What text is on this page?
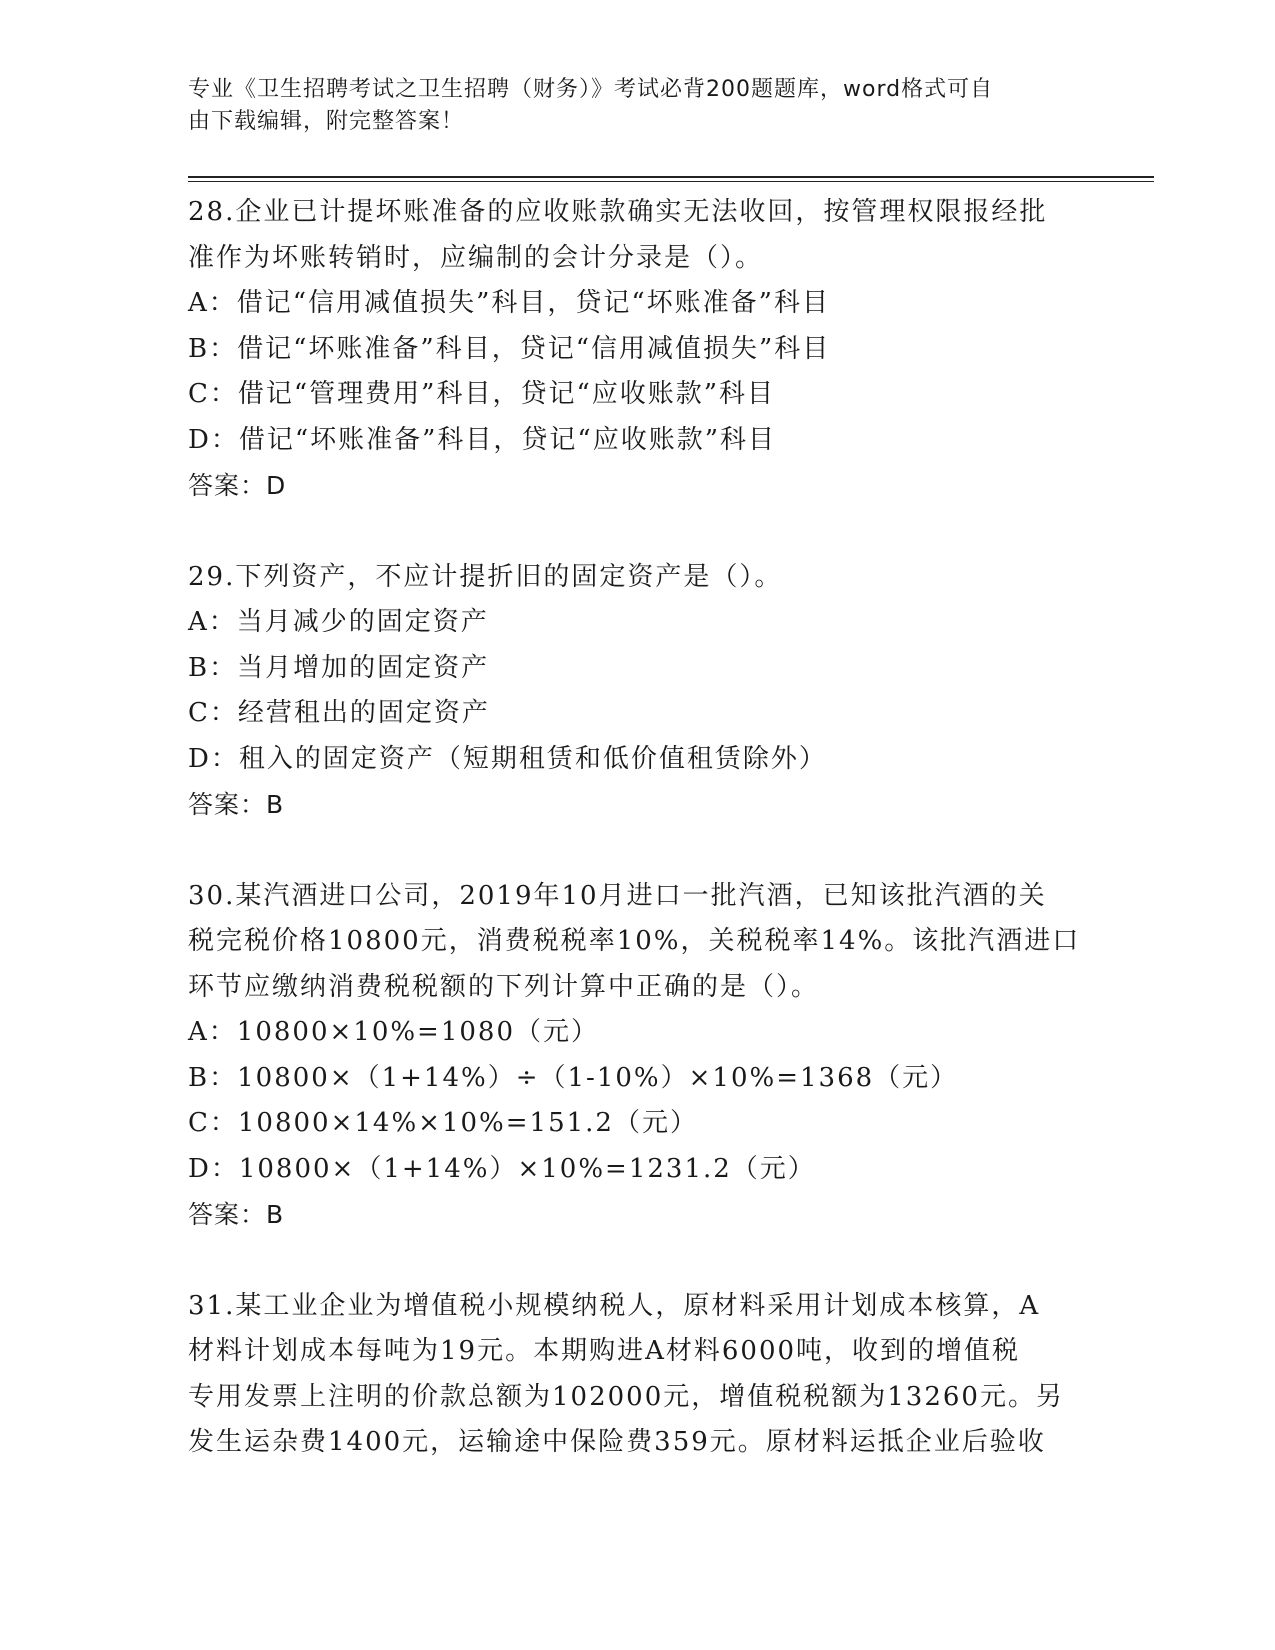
专业《卫生招聘考试之卫生招聘（财务）》考试必背200题题库，word格式可自
由下载编辑，附完整答案！

28.企业已计提坏账准备的应收账款确实无法收回，按管理权限报经批

准作为坏账转销时，应编制的会计分录是（）。

A：借记“信用减值损失”科目，贷记“坏账准备”科目

B：借记“坏账准备”科目，贷记“信用减值损失”科目

C：借记“管理费用”科目，贷记“应收账款”科目

D：借记“坏账准备”科目，贷记“应收账款”科目

答案：D

29.下列资产，不应计提折旧的固定资产是（）。

A：当月减少的固定资产

B：当月增加的固定资产

C：经营租出的固定资产

D：租入的固定资产（短期租赁和低价值租赁除外）

答案：B

30.某汽酒进口公司，2019年10月进口一批汽酒，已知该批汽酒的关

税完税价格10800元，消费税税率10%，关税税率14%。该批汽酒进口

环节应缴纳消费税税额的下列计算中正确的是（）。

A：10800×10%=1080（元）

B：10800×（1+14%）÷（1-10%）×10%=1368（元）

C：10800×14%×10%=151.2（元）

D：10800×（1+14%）×10%=1231.2（元）

答案：B

31.某工业企业为增值税小规模纳税人，原材料采用计划成本核算，A

材料计划成本每吨为19元。本期购进A材料6000吨，收到的增值税

专用发票上注明的价款总额为102000元，增值税税额为13260元。另

发生运杂费1400元，运输途中保险费359元。原材料运抵企业后验收
